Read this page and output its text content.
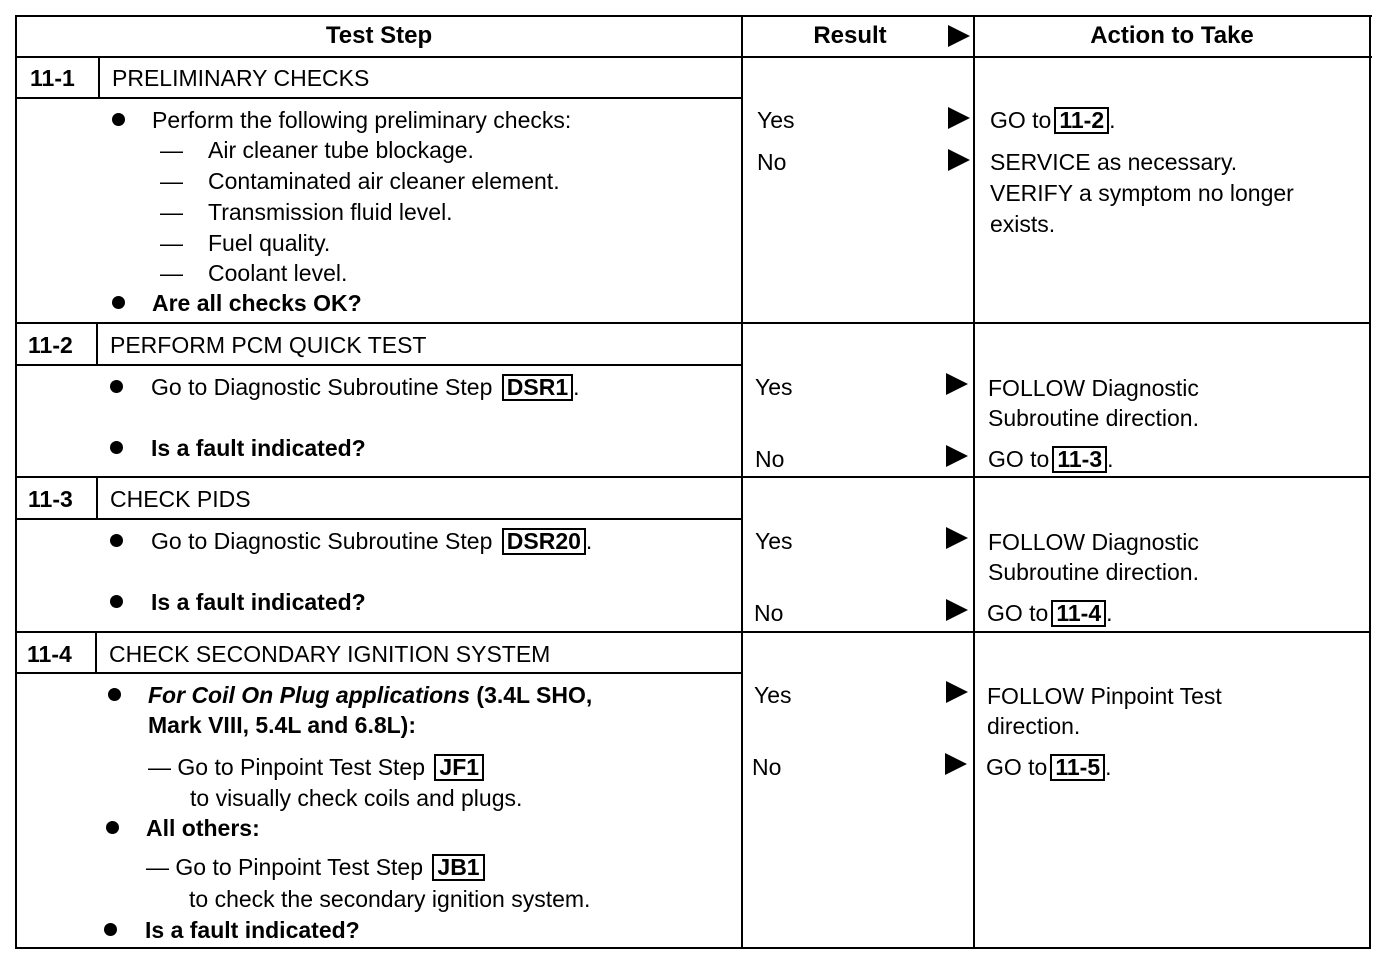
Test Step	Result	Action to Take
11-1 PRELIMINARY CHECKS
Perform the following preliminary checks:
— Air cleaner tube blockage.
— Contaminated air cleaner element.
— Transmission fluid level.
— Fuel quality.
— Coolant level.
Are all checks OK?
Yes	GO to 11-2 .
No	SERVICE as necessary.
VERIFY a symptom no longer
exists.
11-2 PERFORM PCM QUICK TEST
Go to Diagnostic Subroutine Step DSR1 .
Is a fault indicated?
Yes	FOLLOW Diagnostic
Subroutine direction.
No	GO to 11-3 .
11-3 CHECK PIDS
Go to Diagnostic Subroutine Step DSR20 .
Is a fault indicated?
Yes	FOLLOW Diagnostic
Subroutine direction.
No	GO to 11-4 .
11-4 CHECK SECONDARY IGNITION SYSTEM
For Coil On Plug applications (3.4L SHO,
Mark VIII, 5.4L and 6.8L):
— Go to Pinpoint Test Step JF1
to visually check coils and plugs.
All others:
— Go to Pinpoint Test Step JB1
to check the secondary ignition system.
Is a fault indicated?
Yes	FOLLOW Pinpoint Test
direction.
No	GO to 11-5 .
